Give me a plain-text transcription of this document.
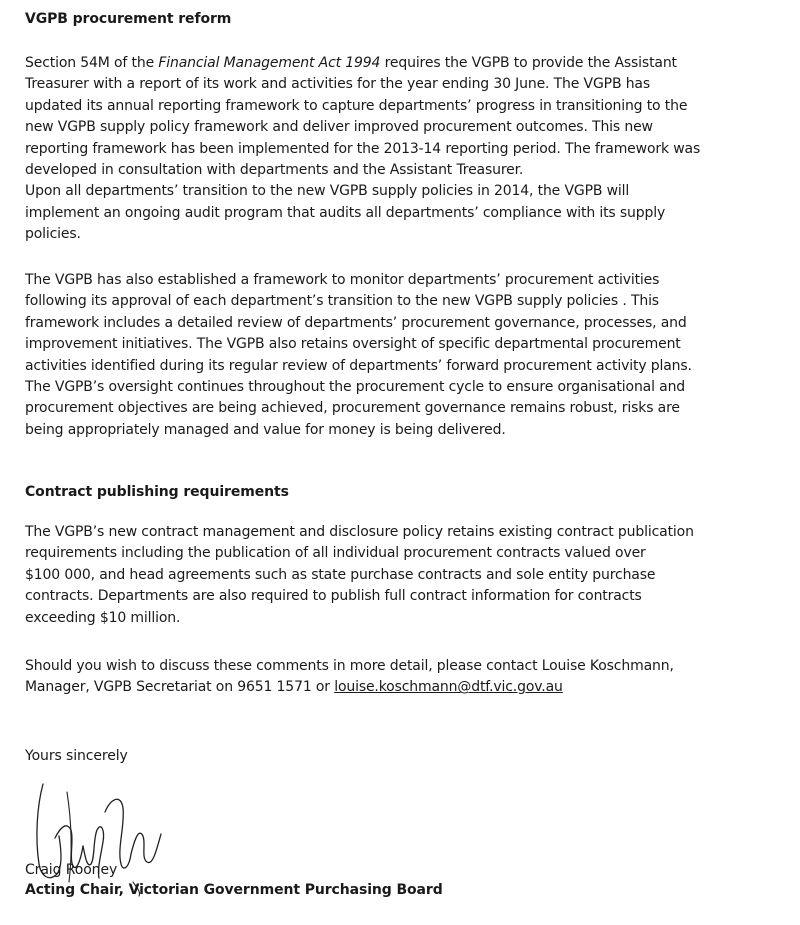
VGPB procurement reform
Section 54M of the Financial Management Act 1994 requires the VGPB to provide the Assistant
Treasurer with a report of its work and activities for the year ending 30 June. The VGPB has
updated its annual reporting framework to capture departments’ progress in transitioning to the
new VGPB supply policy framework and deliver improved procurement outcomes. This new
reporting framework has been implemented for the 2013-14 reporting period. The framework was
developed in consultation with departments and the Assistant Treasurer.
Upon all departments’ transition to the new VGPB supply policies in 2014, the VGPB will
implement an ongoing audit program that audits all departments’ compliance with its supply
policies.
The VGPB has also established a framework to monitor departments’ procurement activities
following its approval of each department’s transition to the new VGPB supply policies . This
framework includes a detailed review of departments’ procurement governance, processes, and
improvement initiatives. The VGPB also retains oversight of specific departmental procurement
activities identified during its regular review of departments’ forward procurement activity plans.
The VGPB’s oversight continues throughout the procurement cycle to ensure organisational and
procurement objectives are being achieved, procurement governance remains robust, risks are
being appropriately managed and value for money is being delivered.
Contract publishing requirements
The VGPB’s new contract management and disclosure policy retains existing contract publication
requirements including the publication of all individual procurement contracts valued over
$100 000, and head agreements such as state purchase contracts and sole entity purchase
contracts. Departments are also required to publish full contract information for contracts
exceeding $10 million.
Should you wish to discuss these comments in more detail, please contact Louise Koschmann,
Manager, VGPB Secretariat on 9651 1571 or louise.koschmann@dtf.vic.gov.au
Yours sincerely
Craig Rooney
Acting Chair, Victorian Government Purchasing Board
